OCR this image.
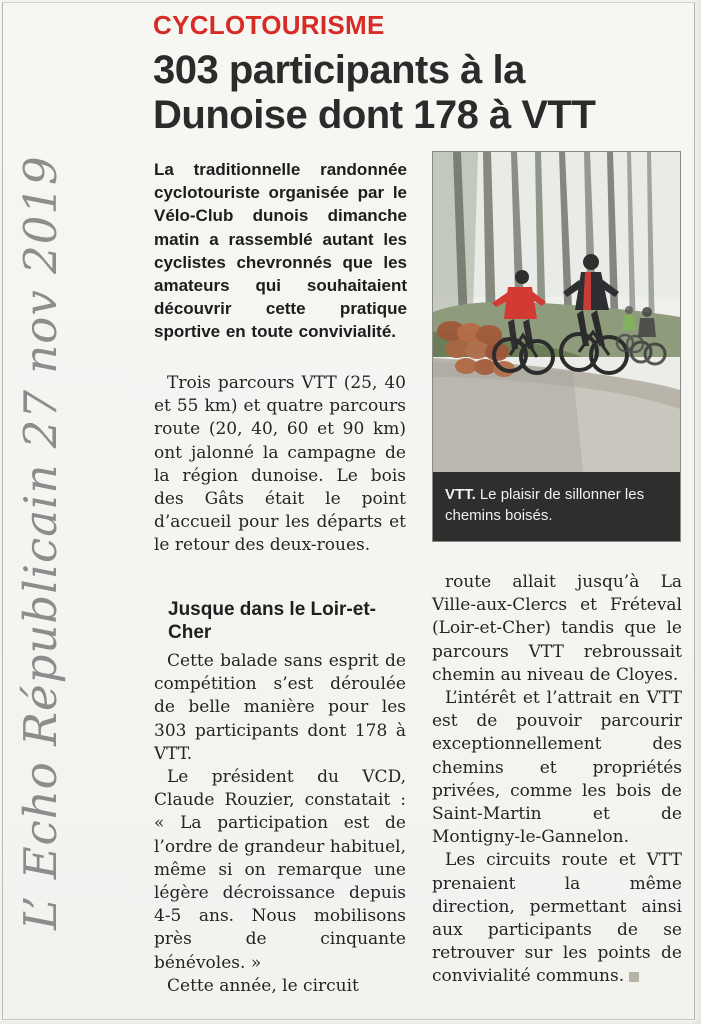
L’ Echo Républicain 27 nov 2019
CYCLOTOURISME
303 participants à la Dunoise dont 178 à VTT
La traditionnelle randonnée cyclotouriste organisée par le Vélo-Club dunois dimanche matin a rassemblé autant les cyclistes chevronnés que les amateurs qui souhaitaient découvrir cette pratique sportive en toute convivialité.

Trois parcours VTT (25, 40 et 55 km) et quatre parcours route (20, 40, 60 et 90 km) ont jalonné la campagne de la région dunoise. Le bois des Gâts était le point d’accueil pour les départs et le retour des deux-roues.

Jusque dans le Loir-et-Cher

Cette balade sans esprit de compétition s’est déroulée de belle manière pour les 303 participants dont 178 à VTT.

Le président du VCD, Claude Rouzier, constatait : « La participation est de l’ordre de grandeur habituel, même si on remarque une légère décroissance depuis 4-5 ans. Nous mobilisons près de cinquante bénévoles. »

Cette année, le circuit

VTT. Le plaisir de sillonner les chemins boisés.

route allait jusqu’à La Ville-aux-Clercs et Fréteval (Loir-et-Cher) tandis que le parcours VTT rebroussait chemin au niveau de Cloyes.

L’intérêt et l’attrait en VTT est de pouvoir parcourir exceptionnellement des chemins et propriétés privées, comme les bois de Saint-Martin et de Montigny-le-Gannelon.

Les circuits route et VTT prenaient la même direction, permettant ainsi aux participants de se retrouver sur les points de convivialité communs.
